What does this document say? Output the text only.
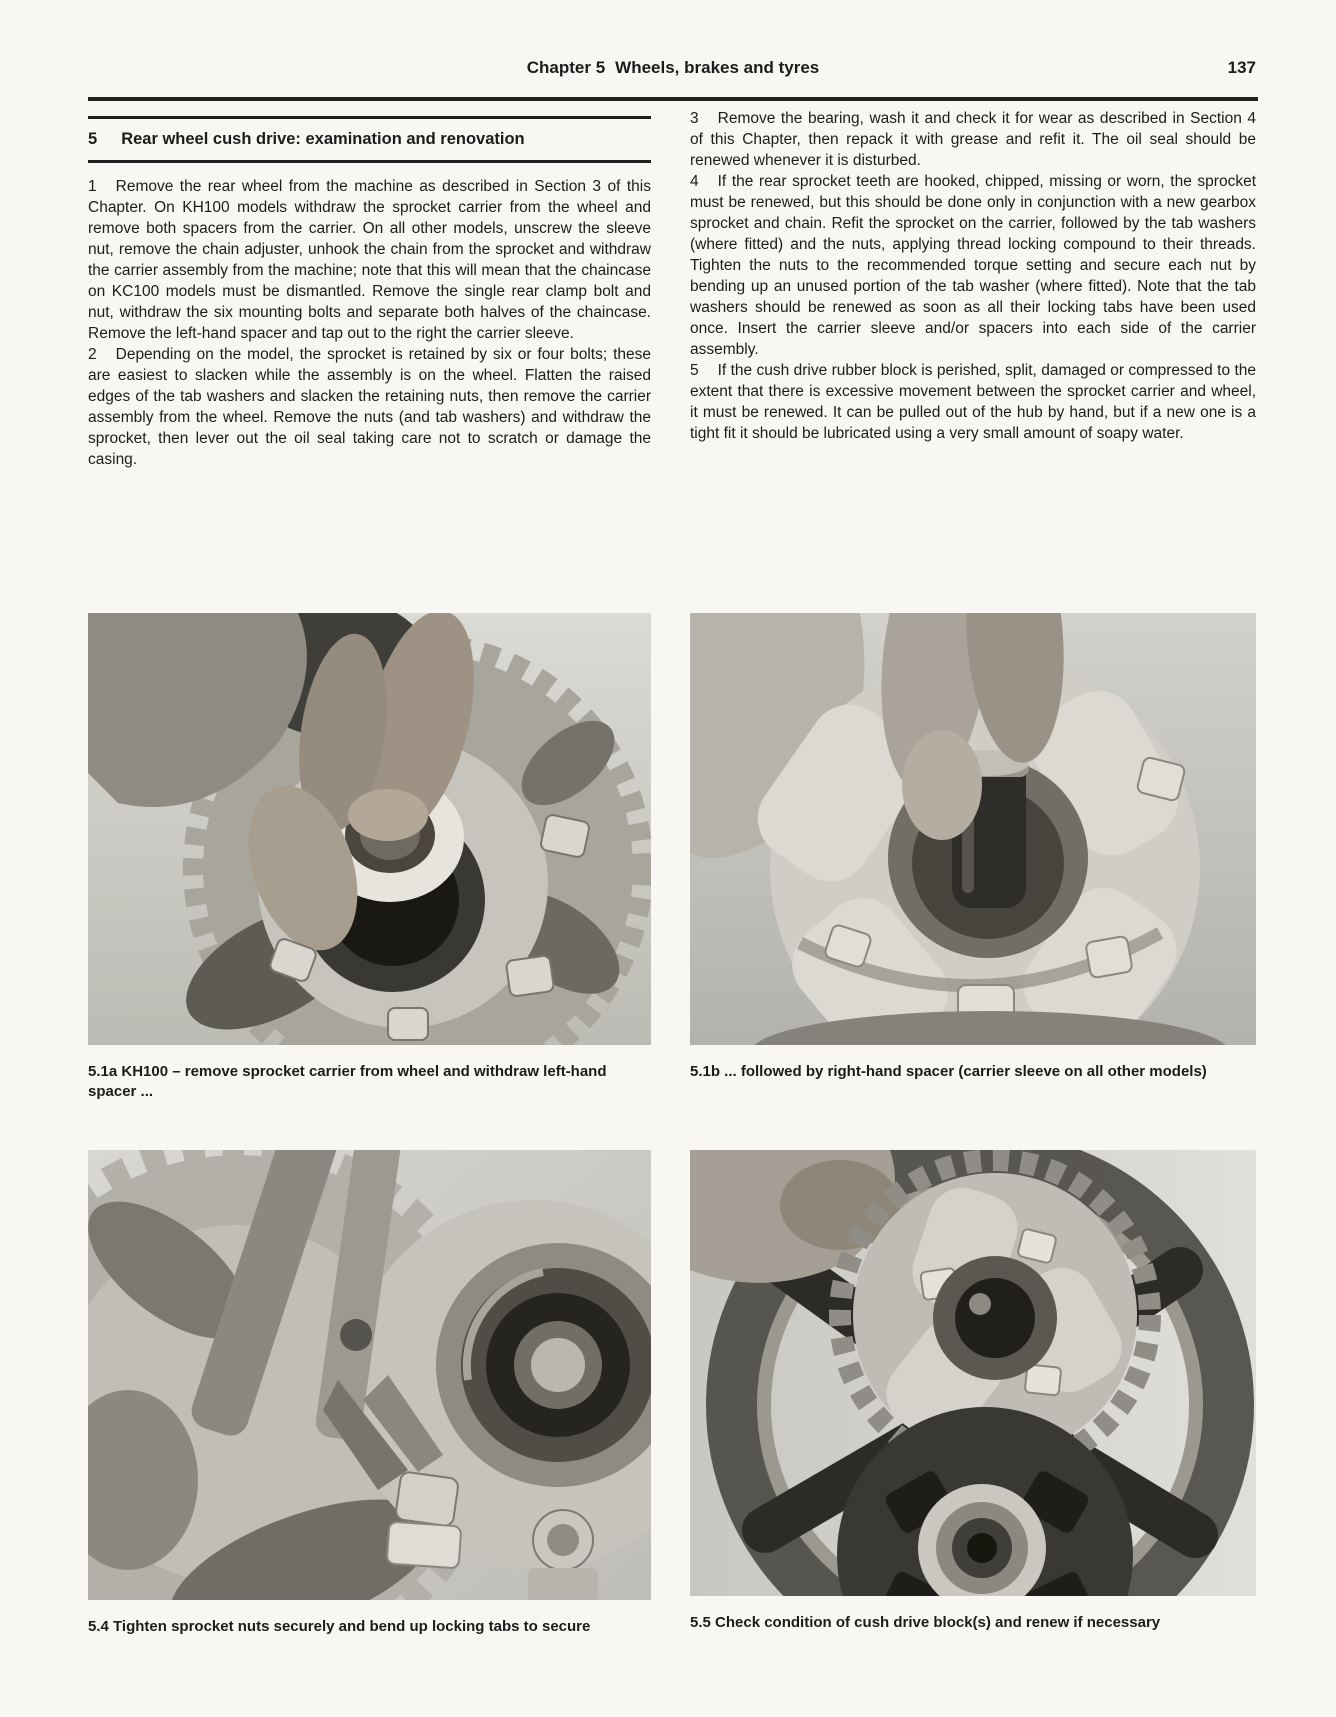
Chapter 5 Wheels, brakes and tyres	137
5 Rear wheel cush drive: examination and renovation

1 Remove the rear wheel from the machine as described in Section 3 of this Chapter. On KH100 models withdraw the sprocket carrier from the wheel and remove both spacers from the carrier. On all other models, unscrew the sleeve nut, remove the chain adjuster, unhook the chain from the sprocket and withdraw the carrier assembly from the machine; note that this will mean that the chaincase on KC100 models must be dismantled. Remove the single rear clamp bolt and nut, withdraw the six mounting bolts and separate both halves of the chaincase. Remove the left-hand spacer and tap out to the right the carrier sleeve.

2 Depending on the model, the sprocket is retained by six or four bolts; these are easiest to slacken while the assembly is on the wheel. Flatten the raised edges of the tab washers and slacken the retaining nuts, then remove the carrier assembly from the wheel. Remove the nuts (and tab washers) and withdraw the sprocket, then lever out the oil seal taking care not to scratch or damage the casing.

3 Remove the bearing, wash it and check it for wear as described in Section 4 of this Chapter, then repack it with grease and refit it. The oil seal should be renewed whenever it is disturbed.

4 If the rear sprocket teeth are hooked, chipped, missing or worn, the sprocket must be renewed, but this should be done only in conjunction with a new gearbox sprocket and chain. Refit the sprocket on the carrier, followed by the tab washers (where fitted) and the nuts, applying thread locking compound to their threads. Tighten the nuts to the recommended torque setting and secure each nut by bending up an unused portion of the tab washer (where fitted). Note that the tab washers should be renewed as soon as all their locking tabs have been used once. Insert the carrier sleeve and/or spacers into each side of the carrier assembly.

5 If the cush drive rubber block is perished, split, damaged or compressed to the extent that there is excessive movement between the sprocket carrier and wheel, it must be renewed. It can be pulled out of the hub by hand, but if a new one is a tight fit it should be lubricated using a very small amount of soapy water.

5.1a KH100 – remove sprocket carrier from wheel and withdraw left-hand spacer ...
5.1b ... followed by right-hand spacer (carrier sleeve on all other models)
5.4 Tighten sprocket nuts securely and bend up locking tabs to secure	5.5 Check condition of cush drive block(s) and renew if necessary
